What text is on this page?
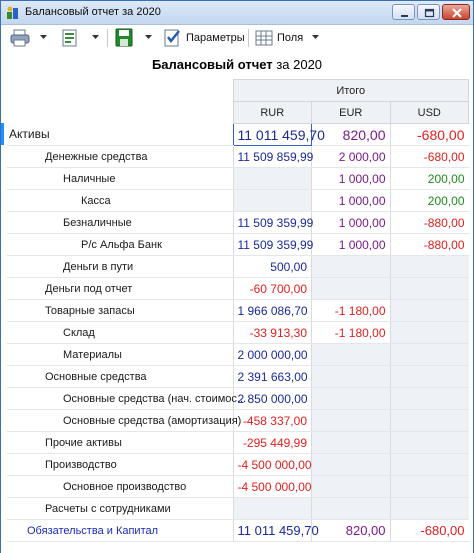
Балансовый отчет за 2020
Параметры	Поля
Балансовый отчет за 2020
	Итого		
	RUR	EUR	USD
Активы	11 011 459,70	820,00	-680,00
Денежные средства	11 509 859,99	2 000,00	-680,00
Наличные		1 000,00	200,00
Касса		1 000,00	200,00
Безналичные	11 509 359,99	1 000,00	-880,00
Р/с Альфа Банк	11 509 359,99	1 000,00	-880,00
Деньги в пути	500,00		
Деньги под отчет	-60 700,00		
Товарные запасы	1 966 086,70	-1 180,00	
Склад	-33 913,30	-1 180,00	
Материалы	2 000 000,00		
Основные средства	2 391 663,00		
Основные средства (нач. стоимос...	2 850 000,00		
Основные средства (амортизация)	-458 337,00		
Прочие активы	-295 449,99		
Производство	-4 500 000,00		
Основное производство	-4 500 000,00		
Расчеты с сотрудниками			
Обязательства и Капитал	11 011 459,70	820,00	-680,00
